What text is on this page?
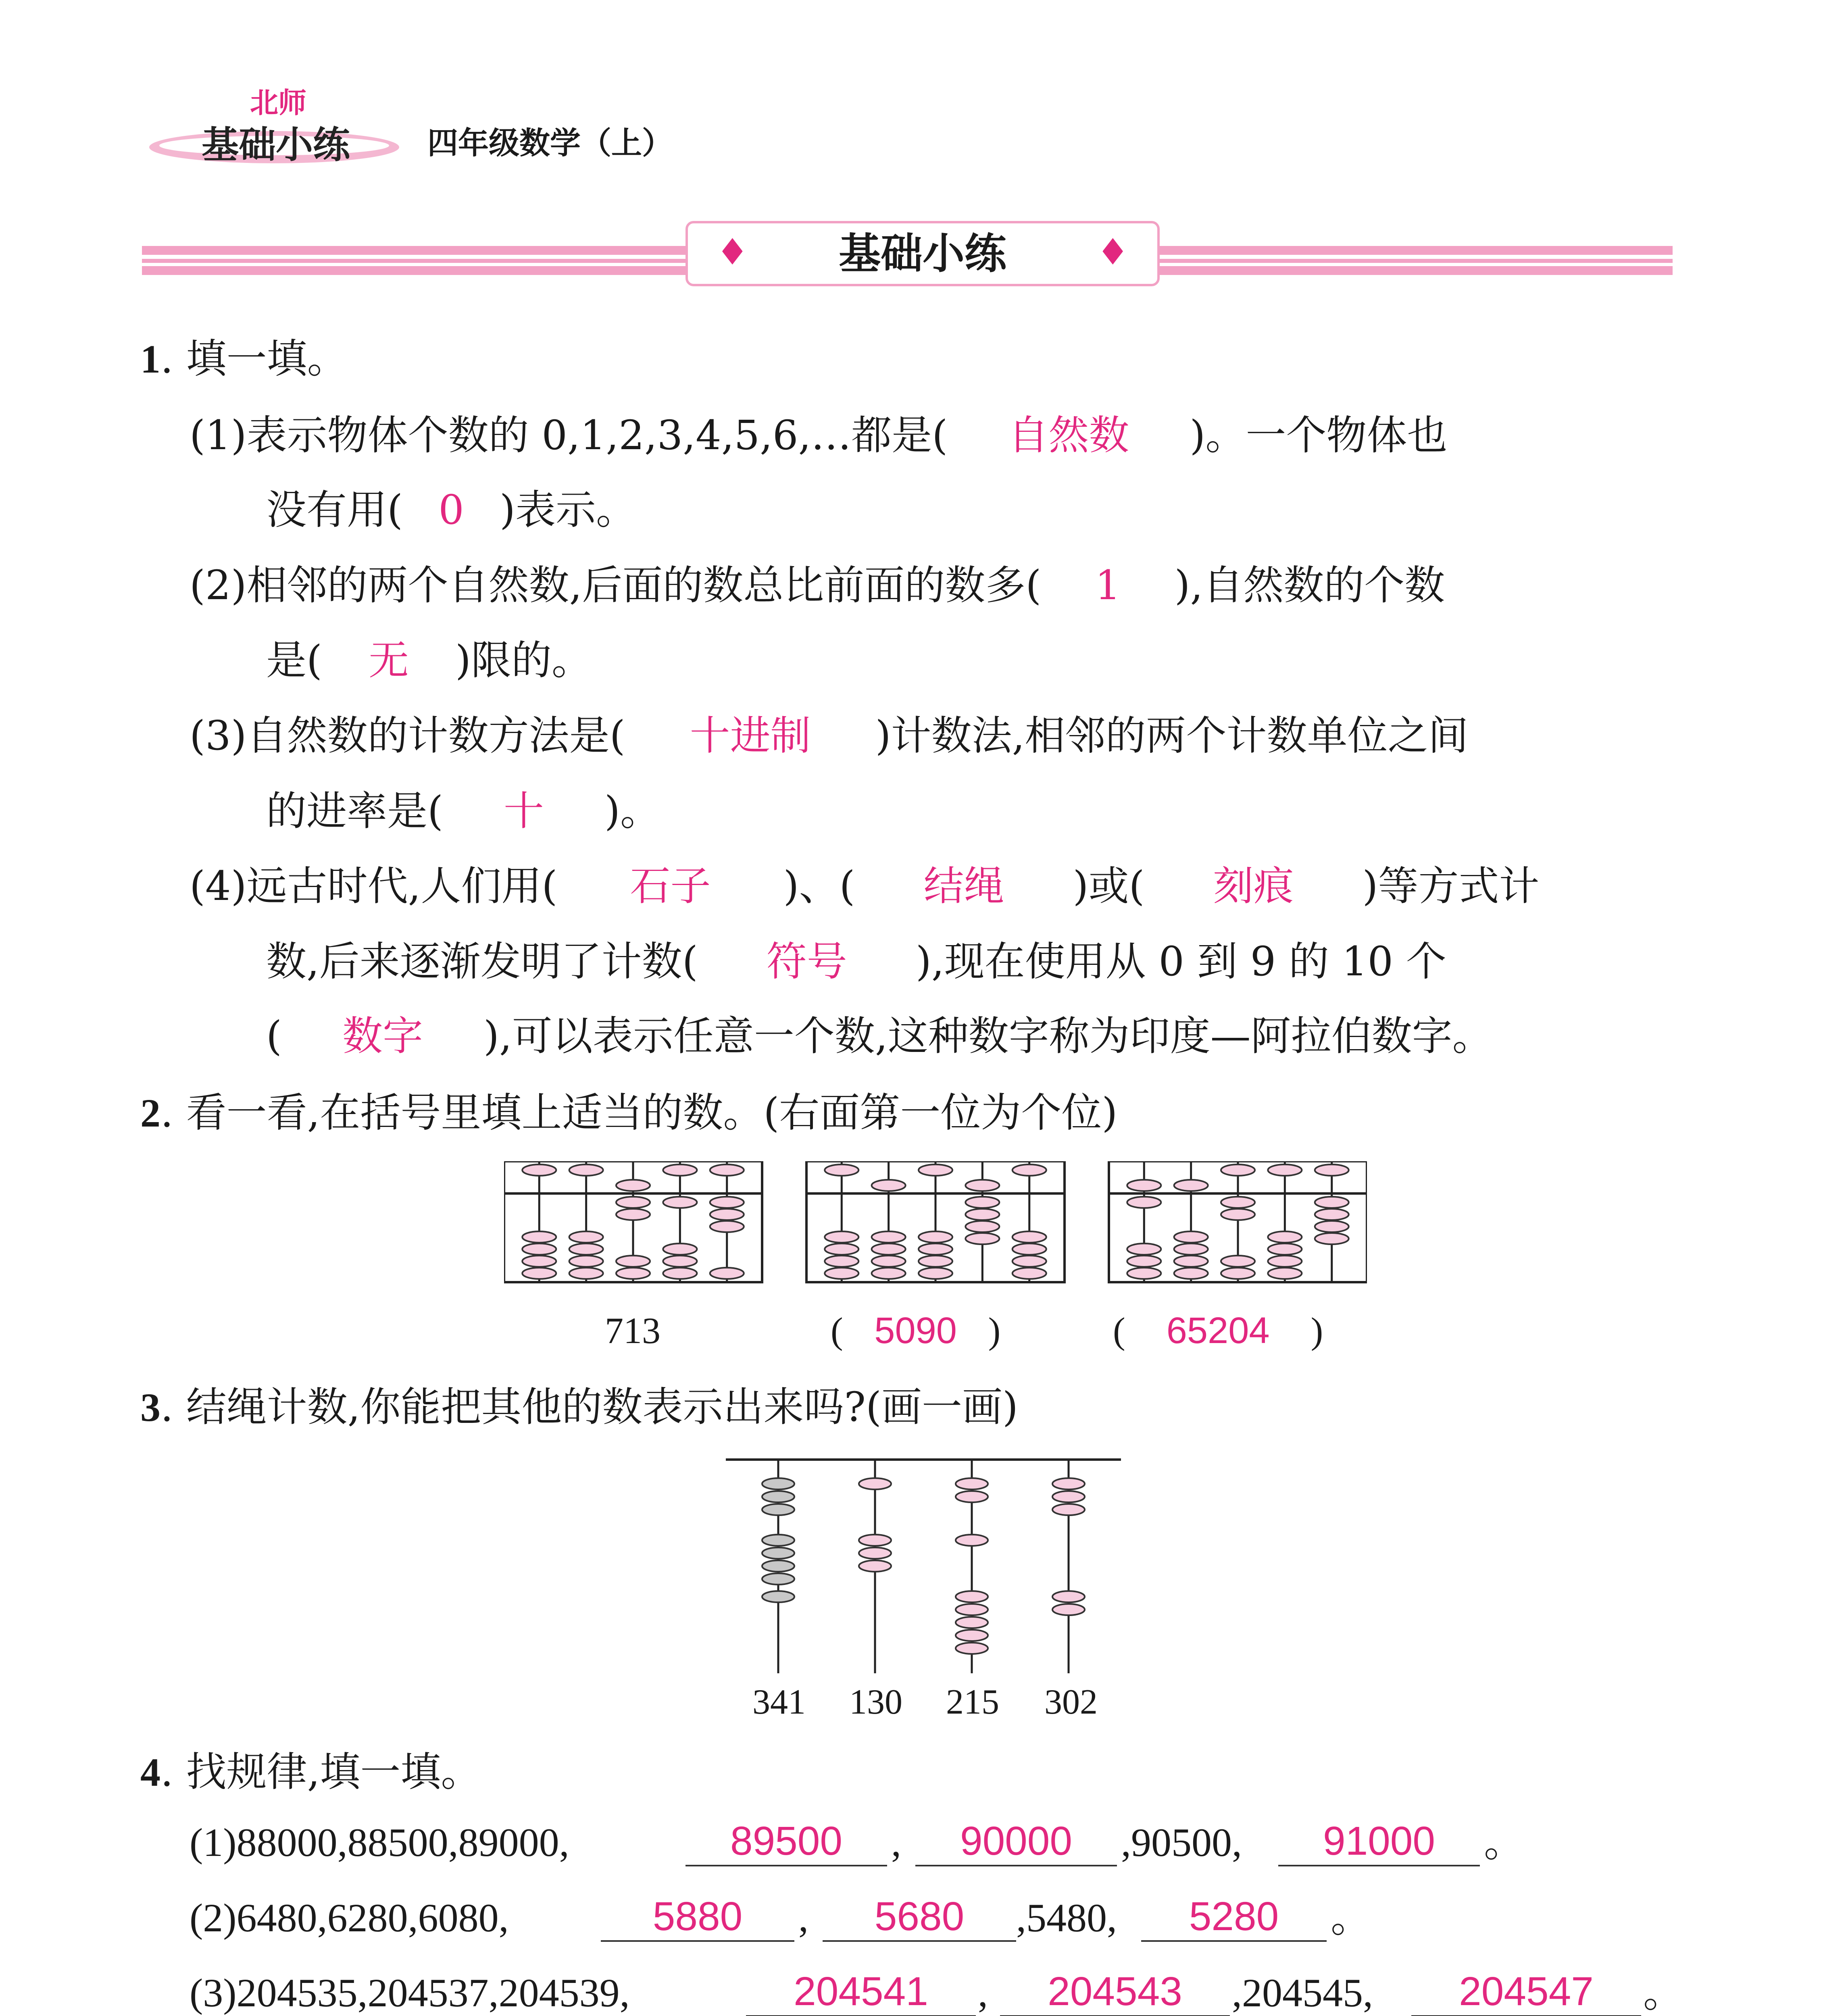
北师
基础小练	四年级数学（上）
♦	基础小练	♦
1. 填一填。
(1)表示物体个数的 0,1,2,3,4,5,6,…都是( 自然数 )。一个物体也
没有用( 0 )表示。
(2)相邻的两个自然数,后面的数总比前面的数多( 1 ),自然数的个数
是( 无 )限的。
(3)自然数的计数方法是( 十进制 )计数法,相邻的两个计数单位之间
的进率是( 十 )。
(4)远古时代,人们用( 石子 )、( 结绳 )或( 刻痕 )等方式计
数,后来逐渐发明了计数( 符号 ),现在使用从 0 到 9 的 10 个
( 数字 ),可以表示任意一个数,这种数字称为印度—阿拉伯数字。
2. 看一看,在括号里填上适当的数。(右面第一位为个位)
713	( 5090 )	( 65204 )
3. 结绳计数,你能把其他的数表示出来吗?(画一画)
341 130 215 302
4. 找规律,填一填。
(1)88000,88500,89000,	89500	,	90000	,90500,	91000	。
(2)6480,6280,6080,	5880	,	5680	,5480,	5280	。
(3)204535,204537,204539,	204541	,	204543	,204545,	204547	。
